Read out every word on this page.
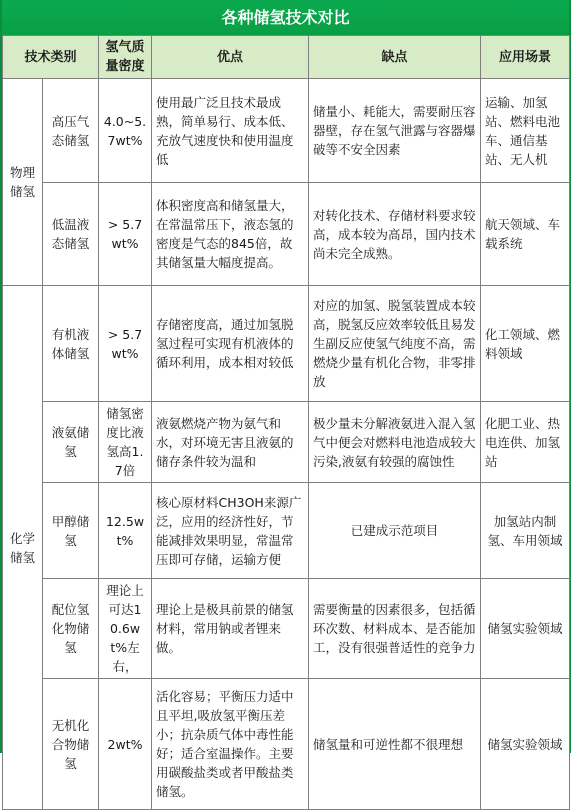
各种储氢技术对比
技术类别		氢气质量密度	优点	缺点	应用场景
物理储氢	高压气态储氢	4.0~5.7wt%	使用最广泛且技术最成熟，简单易行、成本低、充放气速度快和使用温度低	储量小、耗能大，需要耐压容器壁，存在氢气泄露与容器爆破等不安全因素	运输、加氢站、燃料电池车、通信基站、无人机
	低温液态储氢	> 5.7wt%	体积密度高和储氢量大，在常温常压下，液态氢的密度是气态的845倍，故其储氢量大幅度提高。	对转化技术、存储材料要求较高，成本较为高昂，国内技术尚未完全成熟。	航天领域、车载系统
化学储氢	有机液体储氢	> 5.7wt%	存储密度高，通过加氢脱氢过程可实现有机液体的循环利用，成本相对较低	对应的加氢、脱氢装置成本较高，脱氢反应效率较低且易发生副反应使氢气纯度不高，需燃烧少量有机化合物，非零排放	化工领域、燃料领域
	液氨储氢	储氢密度比液氢高1.7倍	液氨燃烧产物为氨气和水，对环境无害且液氨的储存条件较为温和	极少量未分解液氨进入混入氢气中便会对燃料电池造成较大污染,液氨有较强的腐蚀性	化肥工业、热电连供、加氢站
	甲醇储氢	12.5wt%	核心原材料CH3OH来源广泛，应用的经济性好，节能减排效果明显，常温常压即可存储，运输方便	已建成示范项目	加氢站内制氢、车用领域
	配位氢化物储氢	理论上可达10.6wt%左右，	理论上是极具前景的储氢材料，常用钠或者锂来做。	需要衡量的因素很多，包括循环次数、材料成本、是否能加工，没有很强普适性的竞争力	储氢实验领域
	无机化合物储氢	2wt%	活化容易；平衡压力适中且平坦,吸放氢平衡压差小；抗杂质气体中毒性能好；适合室温操作。主要用碳酸盐类或者甲酸盐类储氢。	储氢量和可逆性都不很理想	储氢实验领域
